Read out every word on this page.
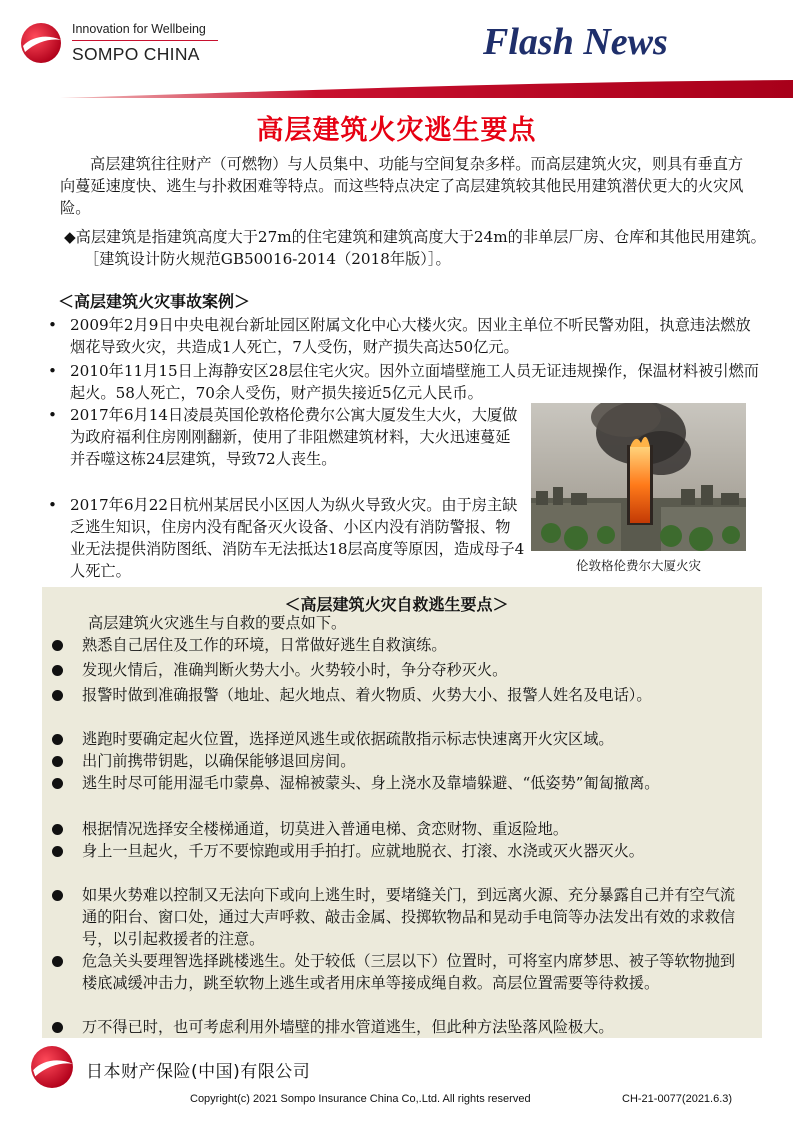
Innovation for Wellbeing
SOMPO CHINA	Flash News
高层建筑火灾逃生要点
高层建筑往往财产（可燃物）与人员集中、功能与空间复杂多样。而高层建筑火灾，则具有垂直方向蔓延速度快、逃生与扑救困难等特点。而这些特点决定了高层建筑较其他民用建筑潜伏更大的火灾风险。
◆高层建筑是指建筑高度大于27m的住宅建筑和建筑高度大于24m的非单层厂房、仓库和其他民用建筑。［建筑设计防火规范GB50016-2014（2018年版）］。
＜高层建筑火灾事故案例＞
• 2009年2月9日中央电视台新址园区附属文化中心大楼火灾。因业主单位不听民警劝阻，执意违法燃放烟花导致火灾，共造成1人死亡，7人受伤，财产损失高达50亿元。
• 2010年11月15日上海静安区28层住宅火灾。因外立面墙壁施工人员无证违规操作，保温材料被引燃而起火。58人死亡，70余人受伤，财产损失接近5亿元人民币。
• 2017年6月14日凌晨英国伦敦格伦费尔公寓大厦发生大火，大厦做为政府福利住房刚刚翻新，使用了非阻燃建筑材料，大火迅速蔓延并吞噬这栋24层建筑，导致72人丧生。
• 2017年6月22日杭州某居民小区因人为纵火导致火灾。由于房主缺乏逃生知识，住房内没有配备灭火设备、小区内没有消防警报、物业无法提供消防图纸、消防车无法抵达18层高度等原因，造成母子4人死亡。	伦敦格伦费尔大厦火灾
＜高层建筑火灾自救逃生要点＞
高层建筑火灾逃生与自救的要点如下。
熟悉自己居住及工作的环境，日常做好逃生自救演练。
发现火情后，准确判断火势大小。火势较小时，争分夺秒灭火。
报警时做到准确报警（地址、起火地点、着火物质、火势大小、报警人姓名及电话）。
逃跑时要确定起火位置，选择逆风逃生或依据疏散指示标志快速离开火灾区域。
出门前携带钥匙，以确保能够退回房间。
逃生时尽可能用湿毛巾蒙鼻、湿棉被蒙头、身上浇水及靠墙躲避、“低姿势”匍匐撤离。
根据情况选择安全楼梯通道，切莫进入普通电梯、贪恋财物、重返险地。
身上一旦起火，千万不要惊跑或用手拍打。应就地脱衣、打滚、水浇或灭火器灭火。
如果火势难以控制又无法向下或向上逃生时，要堵缝关门，到远离火源、充分暴露自己并有空气流通的阳台、窗口处，通过大声呼救、敲击金属、投掷软物品和晃动手电筒等办法发出有效的求救信号，以引起救援者的注意。
危急关头要理智选择跳楼逃生。处于较低（三层以下）位置时，可将室内席梦思、被子等软物抛到楼底减缓冲击力，跳至软物上逃生或者用床单等接成绳自救。高层位置需要等待救援。
万不得已时，也可考虑利用外墙壁的排水管道逃生，但此种方法坠落风险极大。
日本财产保险(中国)有限公司
Copyright(c) 2021 Sompo Insurance China Co,.Ltd. All rights reserved	CH-21-0077(2021.6.3)
